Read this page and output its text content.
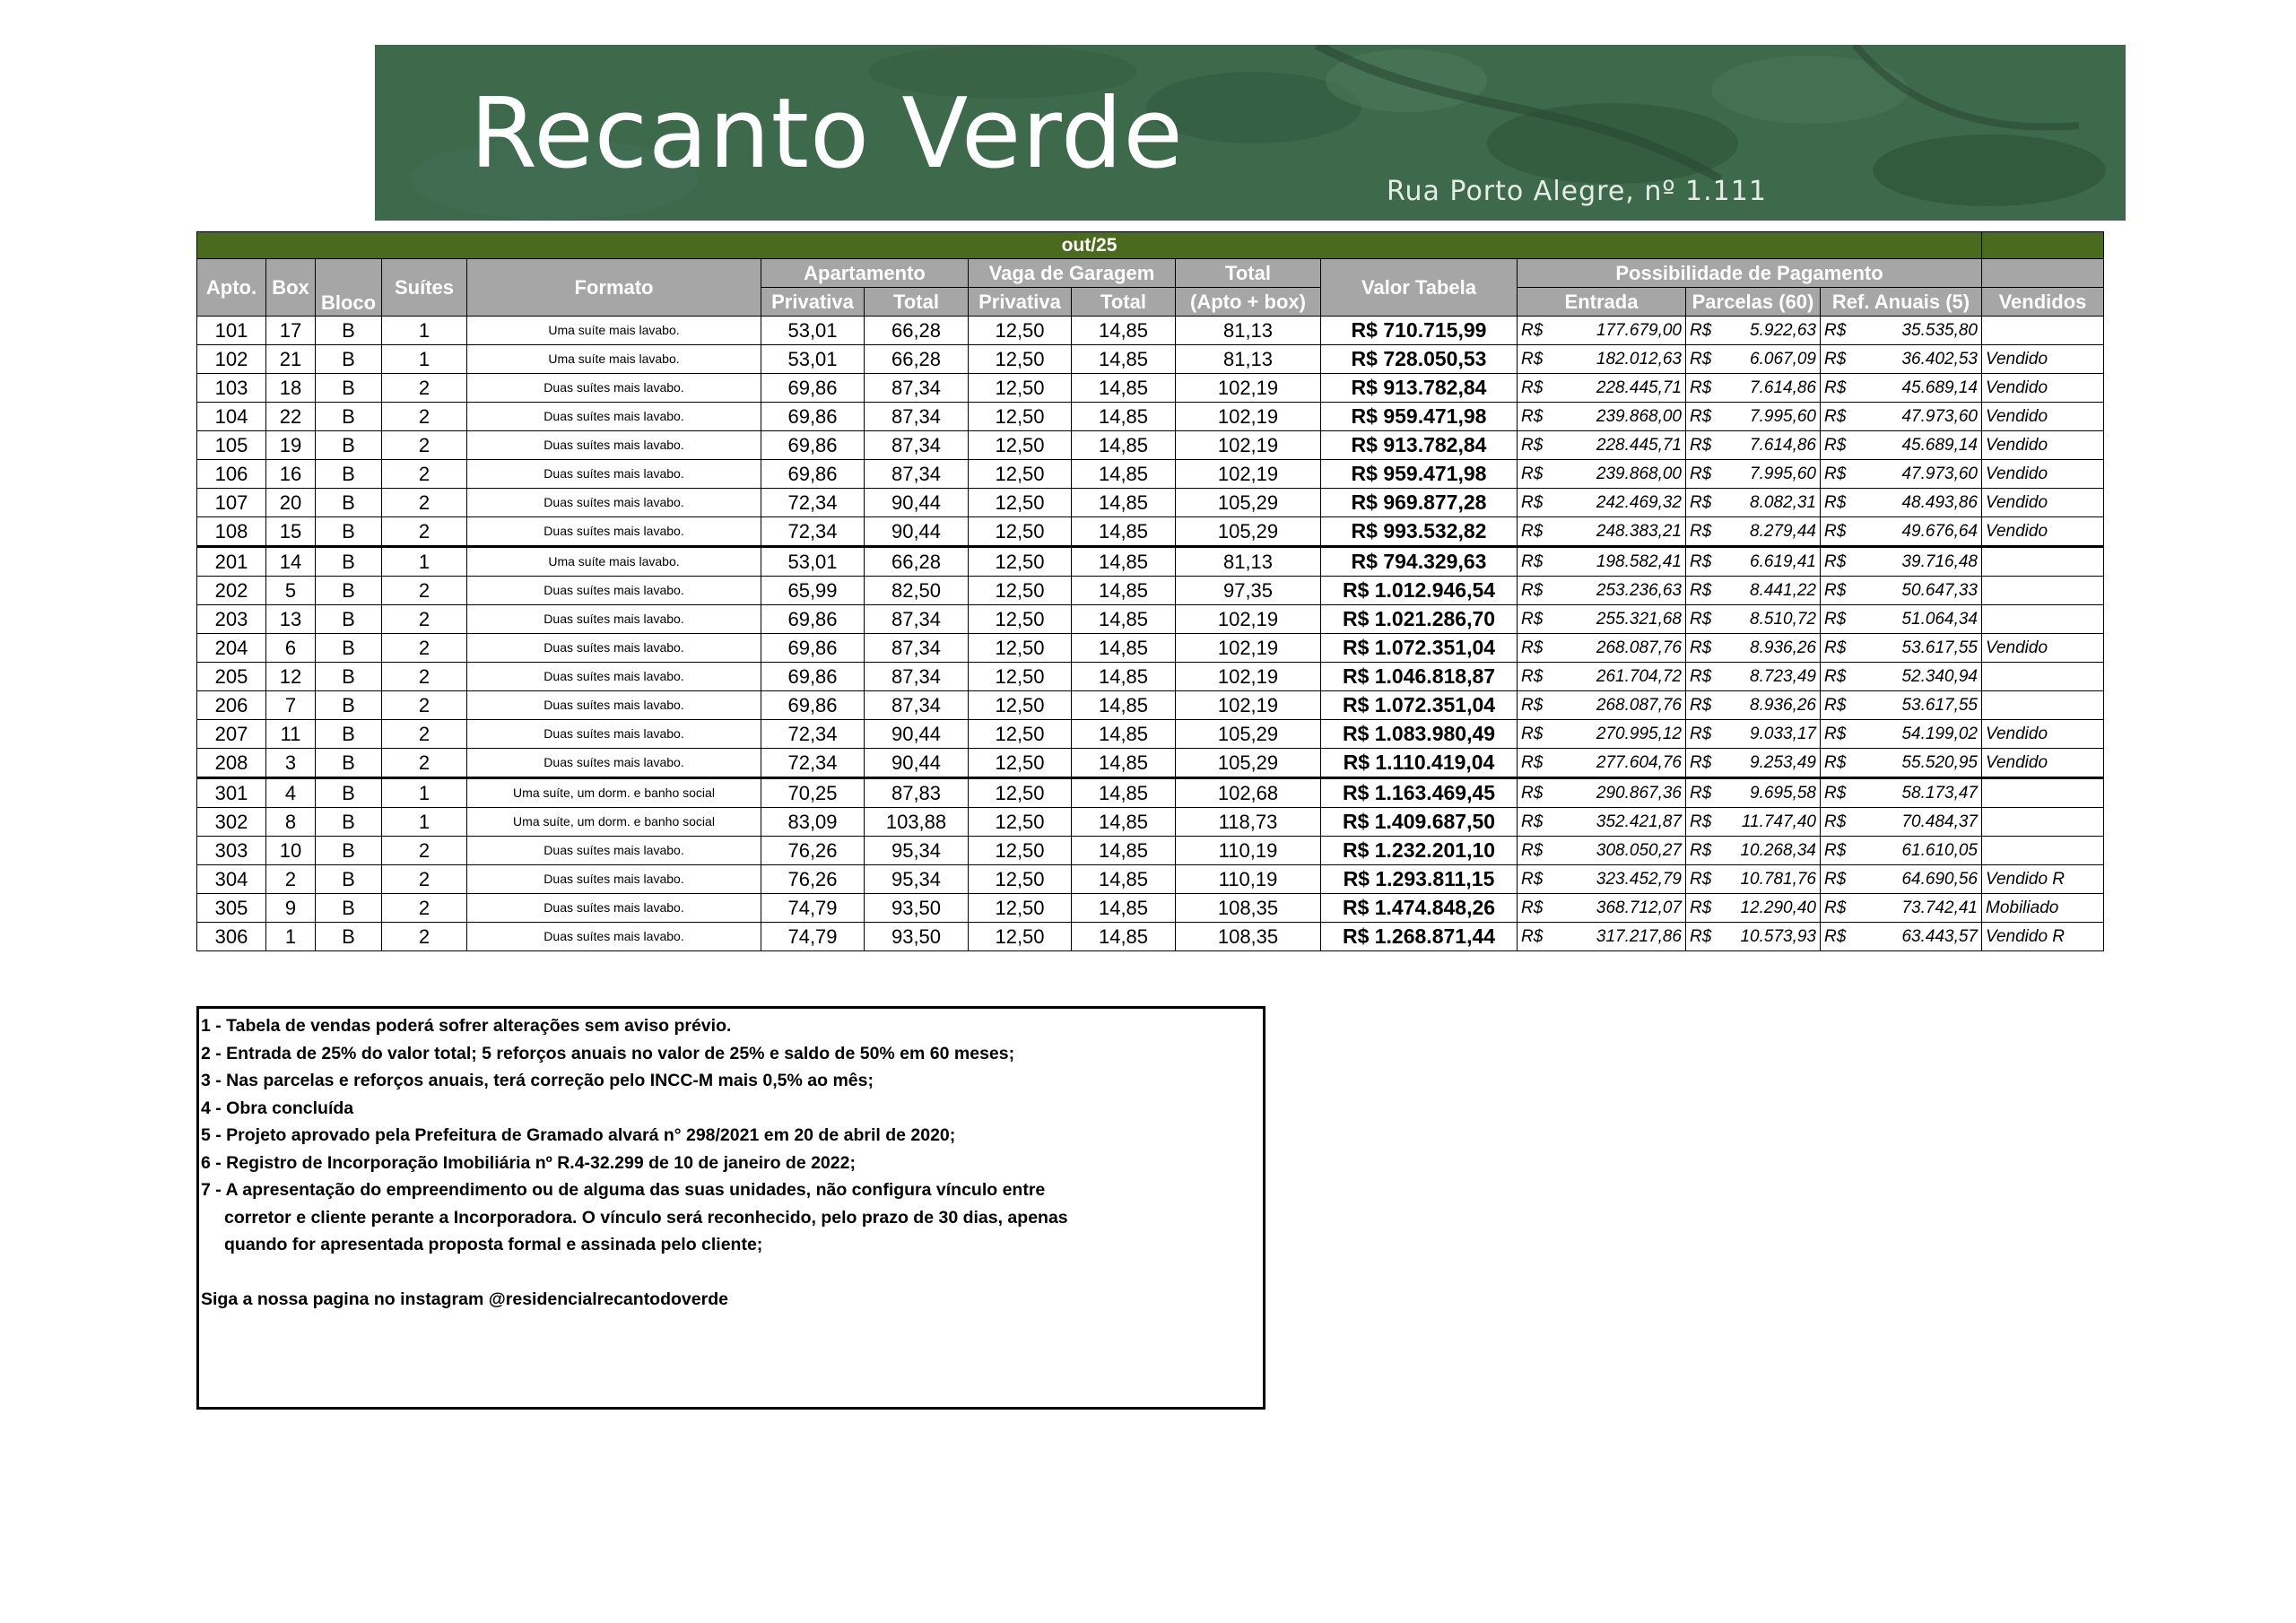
Recanto Verde
Rua Porto Alegre, nº 1.111
out/25														
Apto.	Box	Bloco	Suítes	Formato	Apartamento		Vaga de Garagem		Total	Valor Tabela	Possibilidade de Pagamento			
					Privativa	Total	Privativa	Total	(Apto + box)		Entrada	Parcelas (60)	Ref. Anuais (5)	Vendidos
101	17	B	1	Uma suíte mais lavabo.	53,01	66,28	12,50	14,85	81,13	R$ 710.715,99	R$ 177.679,00	R$ 5.922,63	R$ 35.535,80	

102	21	B	1	Uma suíte mais lavabo.	53,01	66,28	12,50	14,85	81,13	R$ 728.050,53	R$ 182.012,63	R$ 6.067,09	R$ 36.402,53	Vendido
103	18	B	2	Duas suítes mais lavabo.	69,86	87,34	12,50	14,85	102,19	R$ 913.782,84	R$ 228.445,71	R$ 7.614,86	R$ 45.689,14	Vendido
104	22	B	2	Duas suítes mais lavabo.	69,86	87,34	12,50	14,85	102,19	R$ 959.471,98	R$ 239.868,00	R$ 7.995,60	R$ 47.973,60	Vendido
105	19	B	2	Duas suítes mais lavabo.	69,86	87,34	12,50	14,85	102,19	R$ 913.782,84	R$ 228.445,71	R$ 7.614,86	R$ 45.689,14	Vendido
106	16	B	2	Duas suítes mais lavabo.	69,86	87,34	12,50	14,85	102,19	R$ 959.471,98	R$ 239.868,00	R$ 7.995,60	R$ 47.973,60	Vendido
107	20	B	2	Duas suítes mais lavabo.	72,34	90,44	12,50	14,85	105,29	R$ 969.877,28	R$ 242.469,32	R$ 8.082,31	R$ 48.493,86	Vendido
108	15	B	2	Duas suítes mais lavabo.	72,34	90,44	12,50	14,85	105,29	R$ 993.532,82	R$ 248.383,21	R$ 8.279,44	R$ 49.676,64	Vendido
201	14	B	1	Uma suíte mais lavabo.	53,01	66,28	12,50	14,85	81,13	R$ 794.329,63	R$ 198.582,41	R$ 6.619,41	R$ 39.716,48	

202	5	B	2	Duas suítes mais lavabo.	65,99	82,50	12,50	14,85	97,35	R$ 1.012.946,54	R$ 253.236,63	R$ 8.441,22	R$ 50.647,33	

203	13	B	2	Duas suítes mais lavabo.	69,86	87,34	12,50	14,85	102,19	R$ 1.021.286,70	R$ 255.321,68	R$ 8.510,72	R$ 51.064,34	

204	6	B	2	Duas suítes mais lavabo.	69,86	87,34	12,50	14,85	102,19	R$ 1.072.351,04	R$ 268.087,76	R$ 8.936,26	R$ 53.617,55	Vendido
205	12	B	2	Duas suítes mais lavabo.	69,86	87,34	12,50	14,85	102,19	R$ 1.046.818,87	R$ 261.704,72	R$ 8.723,49	R$ 52.340,94	

206	7	B	2	Duas suítes mais lavabo.	69,86	87,34	12,50	14,85	102,19	R$ 1.072.351,04	R$ 268.087,76	R$ 8.936,26	R$ 53.617,55	

207	11	B	2	Duas suítes mais lavabo.	72,34	90,44	12,50	14,85	105,29	R$ 1.083.980,49	R$ 270.995,12	R$ 9.033,17	R$ 54.199,02	Vendido
208	3	B	2	Duas suítes mais lavabo.	72,34	90,44	12,50	14,85	105,29	R$ 1.110.419,04	R$ 277.604,76	R$ 9.253,49	R$ 55.520,95	Vendido
301	4	B	1	Uma suíte, um dorm. e banho social	70,25	87,83	12,50	14,85	102,68	R$ 1.163.469,45	R$ 290.867,36	R$ 9.695,58	R$ 58.173,47	

302	8	B	1	Uma suíte, um dorm. e banho social	83,09	103,88	12,50	14,85	118,73	R$ 1.409.687,50	R$ 352.421,87	R$ 11.747,40	R$ 70.484,37	

303	10	B	2	Duas suítes mais lavabo.	76,26	95,34	12,50	14,85	110,19	R$ 1.232.201,10	R$ 308.050,27	R$ 10.268,34	R$ 61.610,05	

304	2	B	2	Duas suítes mais lavabo.	76,26	95,34	12,50	14,85	110,19	R$ 1.293.811,15	R$ 323.452,79	R$ 10.781,76	R$ 64.690,56	Vendido R
305	9	B	2	Duas suítes mais lavabo.	74,79	93,50	12,50	14,85	108,35	R$ 1.474.848,26	R$ 368.712,07	R$ 12.290,40	R$ 73.742,41	Mobiliado
306	1	B	2	Duas suítes mais lavabo.	74,79	93,50	12,50	14,85	108,35	R$ 1.268.871,44	R$ 317.217,86	R$ 10.573,93	R$ 63.443,57	Vendido R
1 - Tabela de vendas poderá sofrer alterações sem aviso prévio.
2 - Entrada de 25% do valor total; 5 reforços anuais no valor de 25% e saldo de 50% em 60 meses;
3 - Nas parcelas e reforços anuais, terá correção pelo INCC-M mais 0,5% ao mês;
4 - Obra concluída
5 - Projeto aprovado pela Prefeitura de Gramado alvará n° 298/2021 em 20 de abril de 2020;
6 - Registro de Incorporação Imobiliária nº R.4-32.299 de 10 de janeiro de 2022;
7 - A apresentação do empreendimento ou de alguma das suas unidades, não configura vínculo entre
corretor e cliente perante a Incorporadora. O vínculo será reconhecido, pelo prazo de 30 dias, apenas
quando for apresentada proposta formal e assinada pelo cliente;
Siga a nossa pagina no instagram @residencialrecantodoverde
